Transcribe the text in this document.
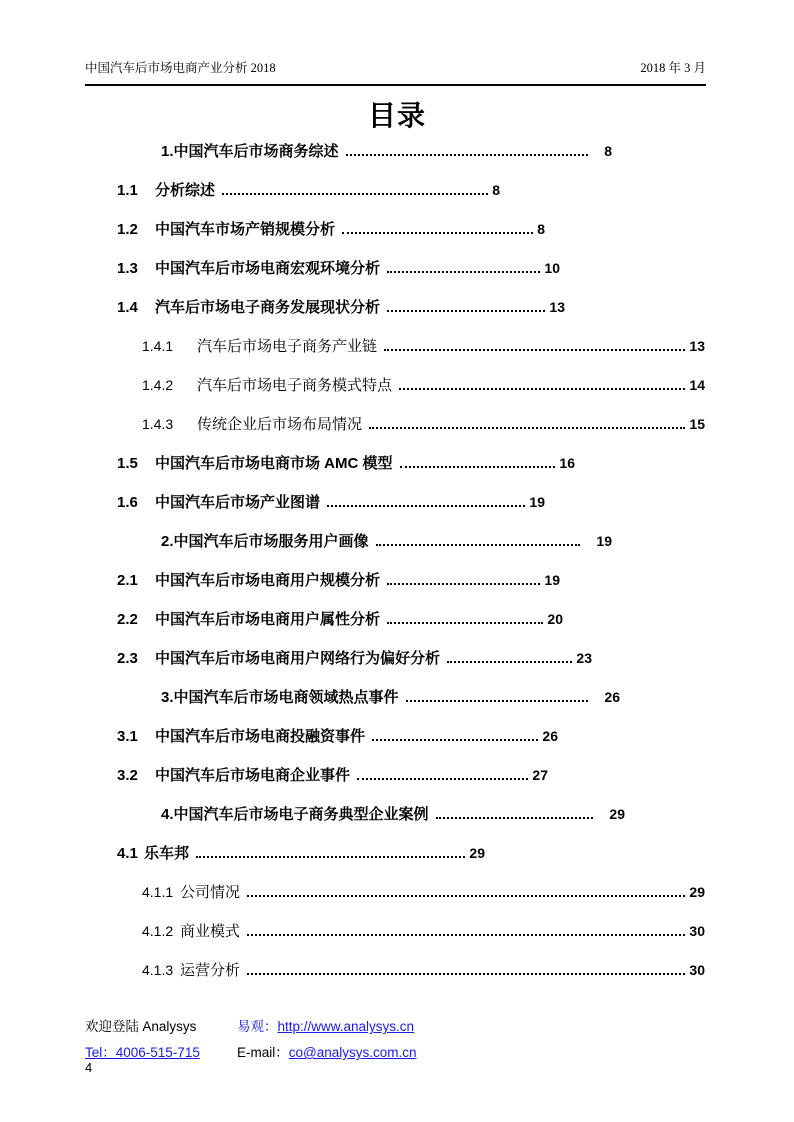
中国汽车后市场电商产业分析 2018	2018 年 3 月
目录
1.中国汽车后市场商务综述	8
1.1	分析综述	8
1.2	中国汽车市场产销规模分析	8
1.3	中国汽车后市场电商宏观环境分析	10
1.4	汽车后市场电子商务发展现状分析	13
1.4.1	汽车后市场电子商务产业链	13
1.4.2	汽车后市场电子商务模式特点	14
1.4.3	传统企业后市场布局情况	15
1.5	中国汽车后市场电商市场 AMC 模型	16
1.6	中国汽车后市场产业图谱	19
2.中国汽车后市场服务用户画像	19
2.1	中国汽车后市场电商用户规模分析	19
2.2	中国汽车后市场电商用户属性分析	20
2.3	中国汽车后市场电商用户网络行为偏好分析	23
3.中国汽车后市场电商领域热点事件	26
3.1	中国汽车后市场电商投融资事件	26
3.2	中国汽车后市场电商企业事件	27
4.中国汽车后市场电子商务典型企业案例	29
4.1 乐车邦	29
4.1.1 公司情况	29
4.1.2 商业模式	30
4.1.3 运营分析	30
欢迎登陆 Analysys	易观：http://www.analysys.cn
Tel：4006-515-715	E-mail：co@analysys.com.cn
4
